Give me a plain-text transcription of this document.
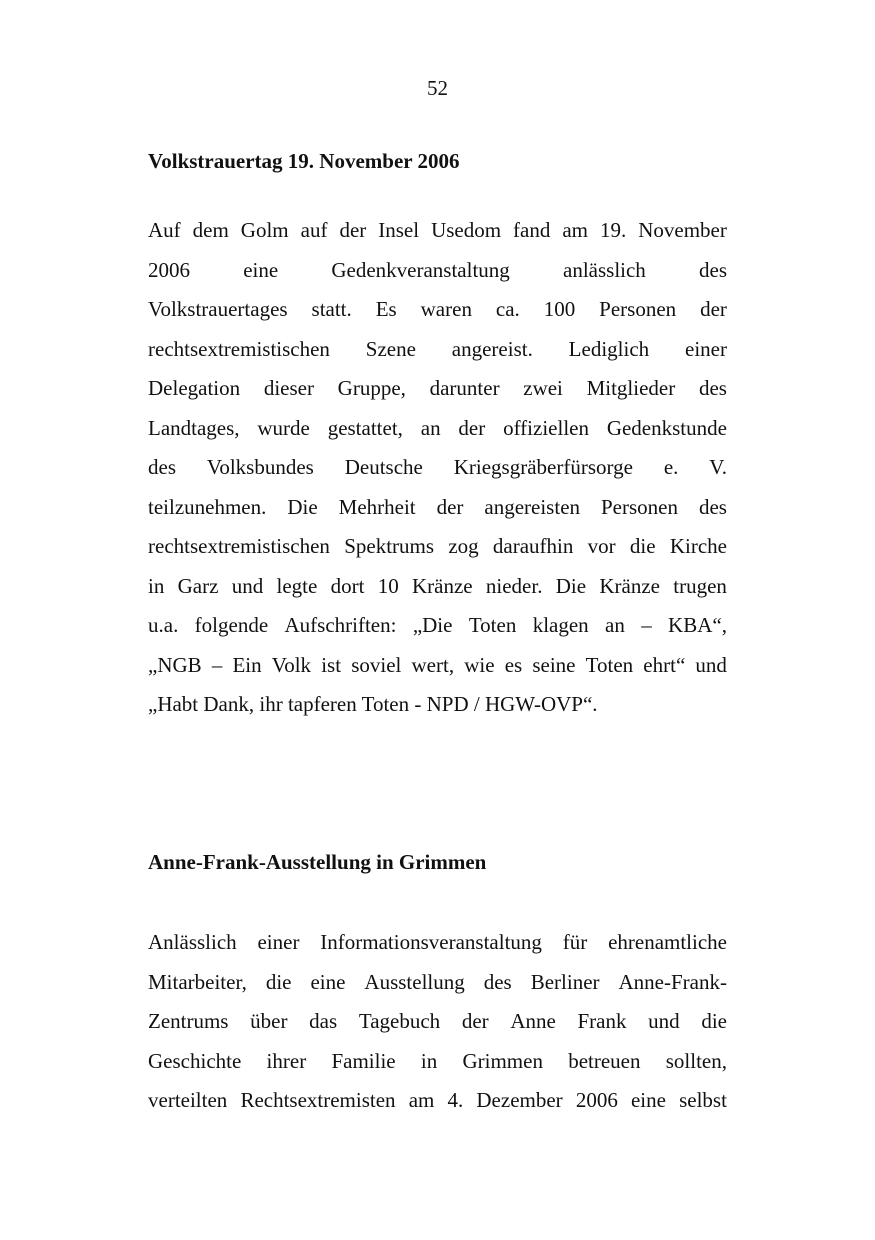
52
Volkstrauertag 19. November 2006
Auf dem Golm auf der Insel Usedom fand am 19. November
2006	eine	Gedenkveranstaltung	anlässlich	des
Volkstrauertages statt. Es waren ca. 100 Personen der
rechtsextremistischen Szene angereist. Lediglich einer
Delegation dieser Gruppe, darunter zwei Mitglieder des
Landtages, wurde gestattet, an der offiziellen Gedenkstunde
des Volksbundes Deutsche Kriegsgräberfürsorge e. V.
teilzunehmen. Die Mehrheit der angereisten Personen des
rechtsextremistischen Spektrums zog daraufhin vor die Kirche
in Garz und legte dort 10 Kränze nieder. Die Kränze trugen
u.a. folgende Aufschriften: „Die Toten klagen an – KBA“,
„NGB – Ein Volk ist soviel wert, wie es seine Toten ehrt“ und
„Habt Dank, ihr tapferen Toten - NPD / HGW-OVP“.
Anne-Frank-Ausstellung in Grimmen
Anlässlich einer Informationsveranstaltung für ehrenamtliche
Mitarbeiter, die eine Ausstellung des Berliner Anne-Frank-
Zentrums über das Tagebuch der Anne Frank und die
Geschichte ihrer Familie in Grimmen betreuen sollten,
verteilten Rechtsextremisten am 4. Dezember 2006 eine selbst
